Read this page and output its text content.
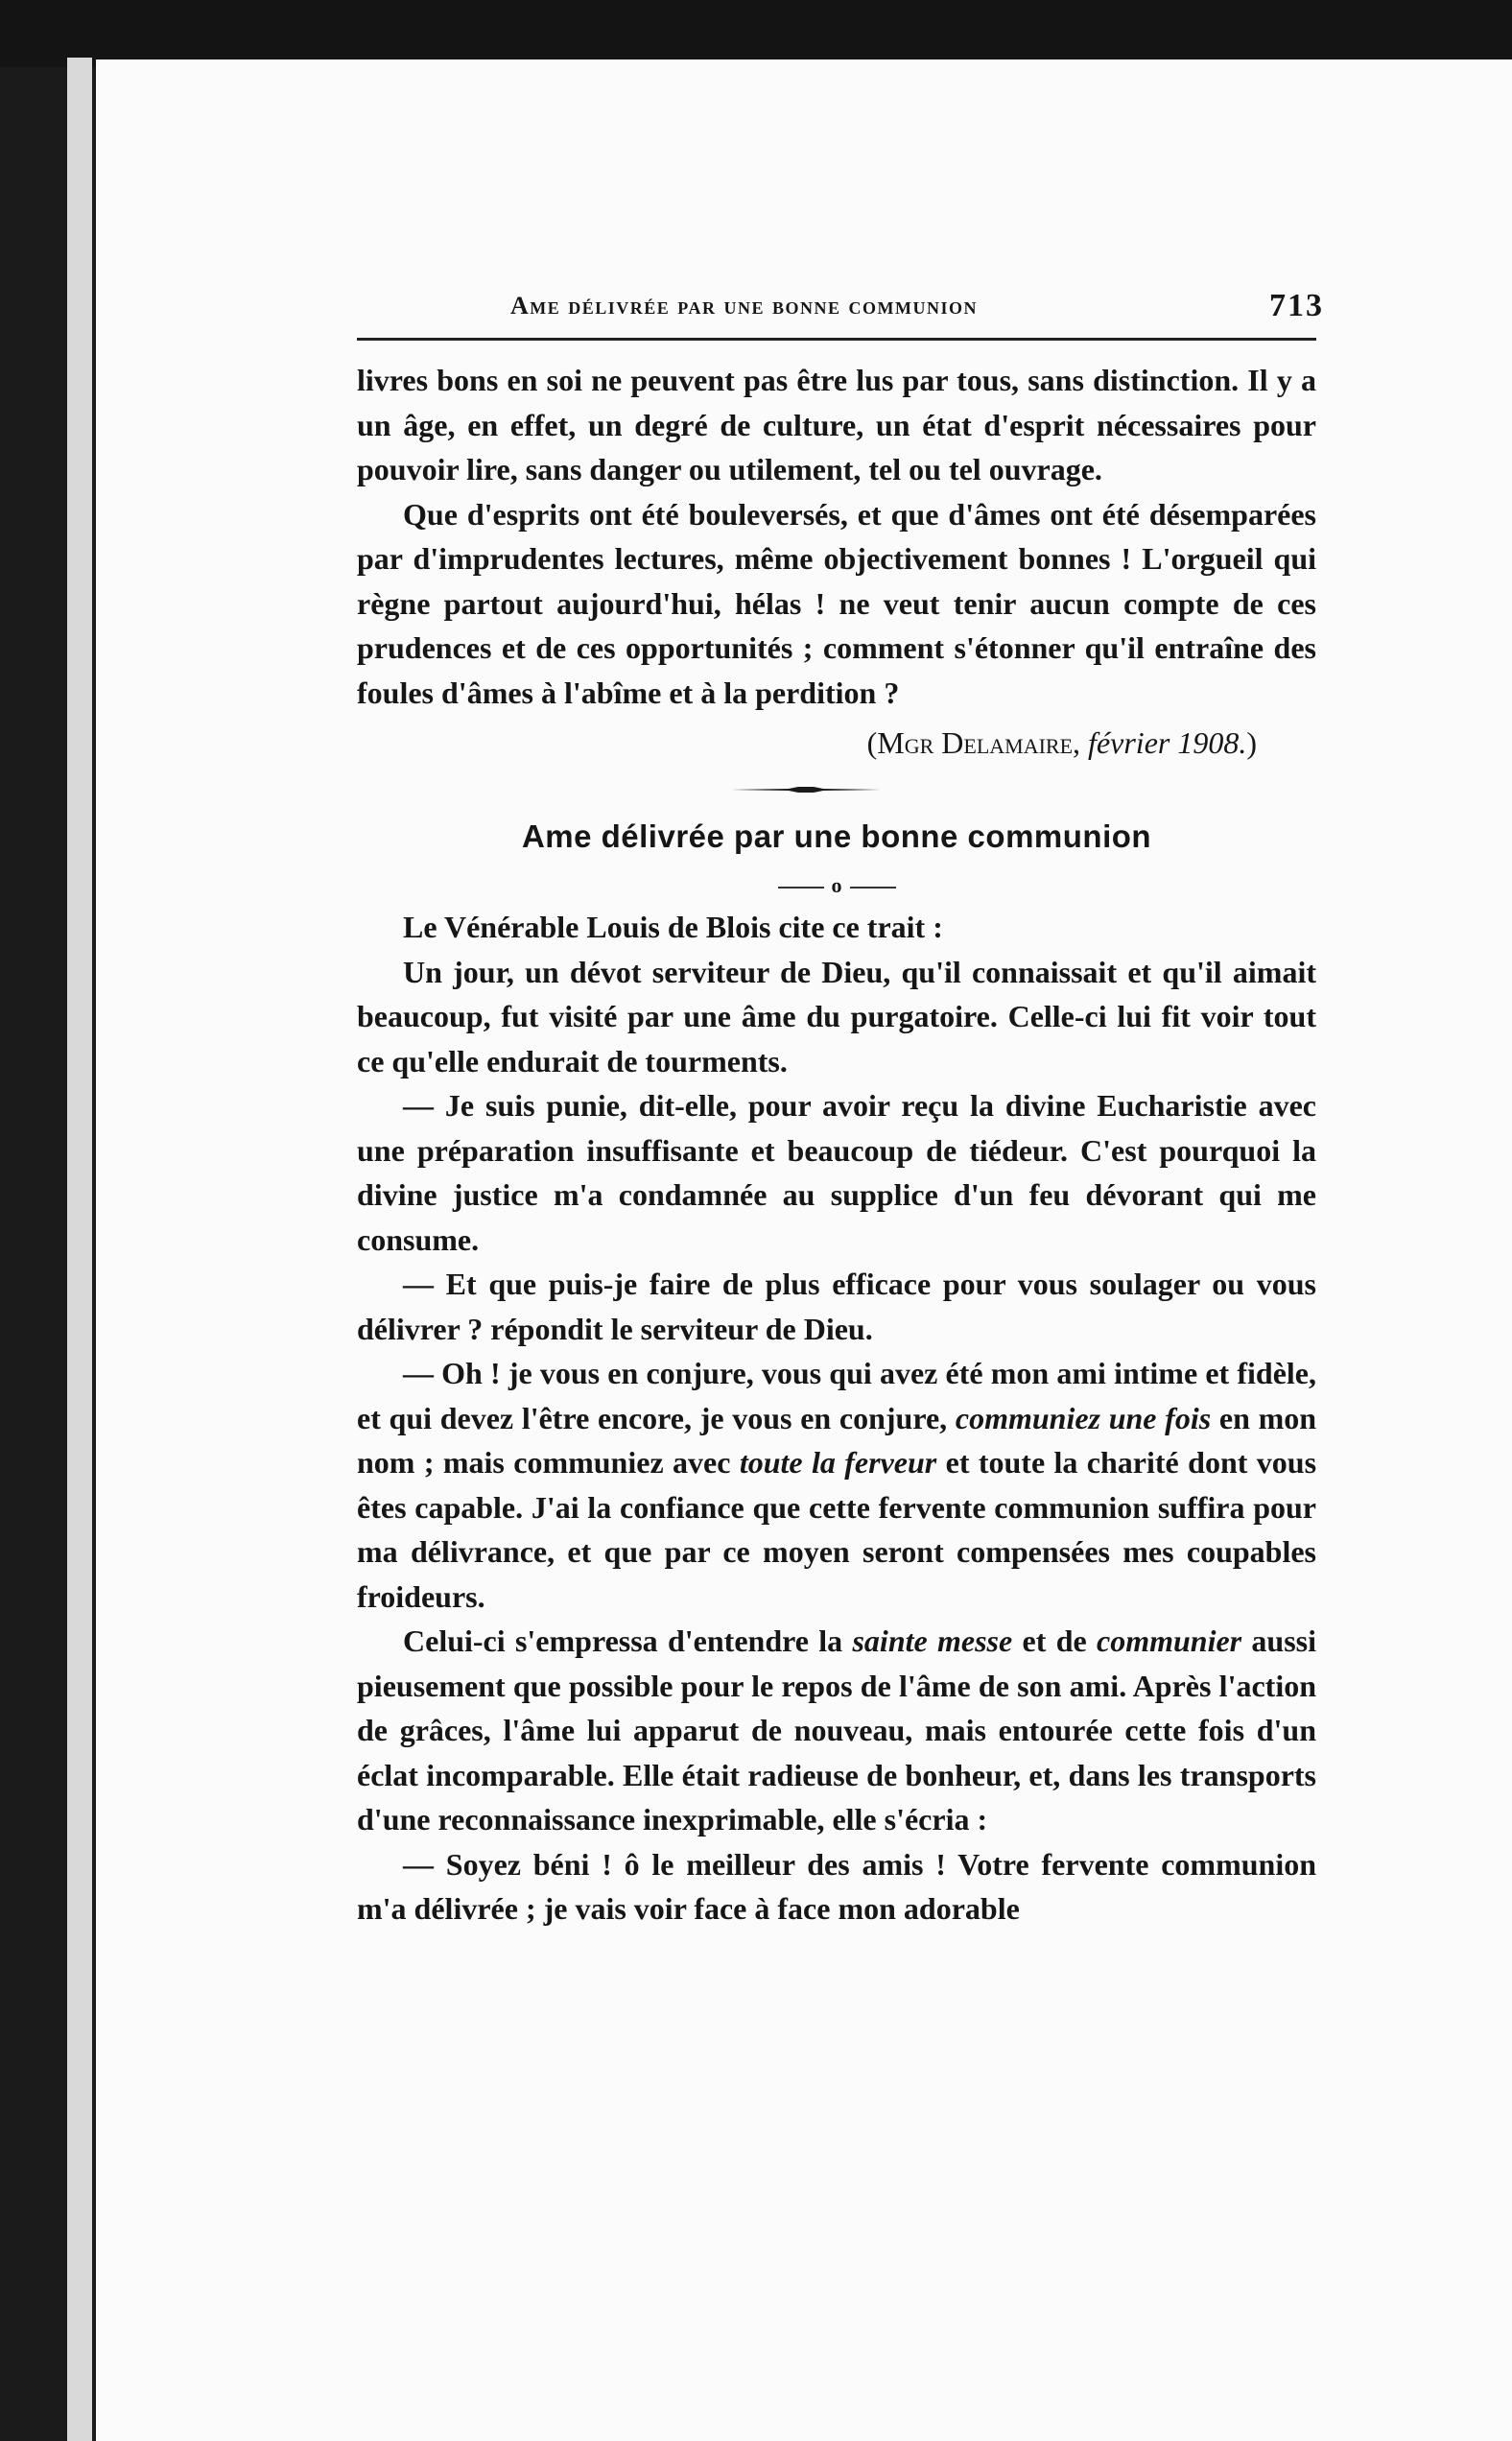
Ame délivrée par une bonne communion	713

livres bons en soi ne peuvent pas être lus par tous, sans distinction. Il y a un âge, en effet, un degré de culture, un état d'esprit nécessaires pour pouvoir lire, sans danger ou utilement, tel ou tel ouvrage.

Que d'esprits ont été bouleversés, et que d'âmes ont été désemparées par d'imprudentes lectures, même objectivement bonnes ! L'orgueil qui règne partout aujourd'hui, hélas ! ne veut tenir aucun compte de ces prudences et de ces opportunités ; comment s'étonner qu'il entraîne des foules d'âmes à l'abîme et à la perdition ?

(Mgr Delamaire, février 1908.)
Ame délivrée par une bonne communion
o

Le Vénérable Louis de Blois cite ce trait :

Un jour, un dévot serviteur de Dieu, qu'il connaissait et qu'il aimait beaucoup, fut visité par une âme du purgatoire. Celle-ci lui fit voir tout ce qu'elle endurait de tourments.

— Je suis punie, dit-elle, pour avoir reçu la divine Eucharistie avec une préparation insuffisante et beaucoup de tiédeur. C'est pourquoi la divine justice m'a condamnée au supplice d'un feu dévorant qui me consume.

— Et que puis-je faire de plus efficace pour vous soulager ou vous délivrer ? répondit le serviteur de Dieu.

— Oh ! je vous en conjure, vous qui avez été mon ami intime et fidèle, et qui devez l'être encore, je vous en conjure, communiez une fois en mon nom ; mais communiez avec toute la ferveur et toute la charité dont vous êtes capable. J'ai la confiance que cette fervente communion suffira pour ma délivrance, et que par ce moyen seront compensées mes coupables froideurs.

Celui-ci s'empressa d'entendre la sainte messe et de communier aussi pieusement que possible pour le repos de l'âme de son ami. Après l'action de grâces, l'âme lui apparut de nouveau, mais entourée cette fois d'un éclat incomparable. Elle était radieuse de bonheur, et, dans les transports d'une reconnaissance inexprimable, elle s'écria :

— Soyez béni ! ô le meilleur des amis ! Votre fervente communion m'a délivrée ; je vais voir face à face mon adorable
